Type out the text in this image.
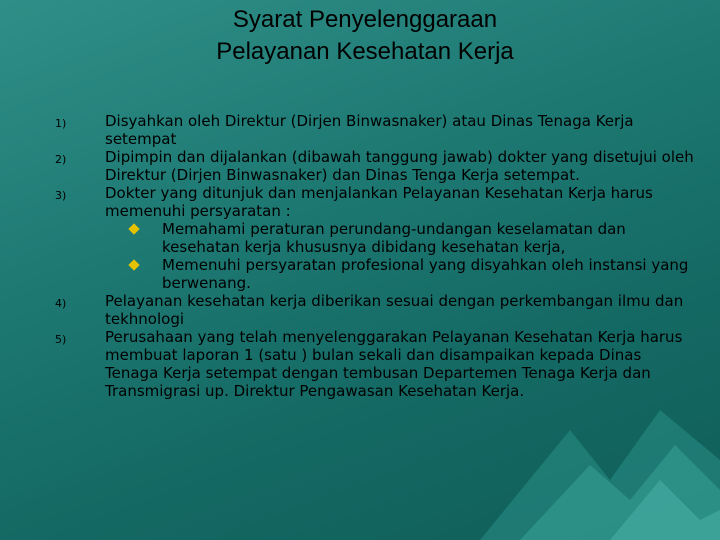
Syarat Penyelenggaraan
Pelayanan Kesehatan Kerja
1)	Disyahkan oleh Direktur (Dirjen Binwasnaker) atau Dinas Tenaga Kerja setempat
2)	Dipimpin dan dijalankan (dibawah tanggung jawab) dokter yang disetujui oleh Direktur (Dirjen Binwasnaker) dan Dinas Tenga Kerja setempat.
3)	Dokter yang ditunjuk dan menjalankan Pelayanan Kesehatan Kerja harus memenuhi persyaratan :
Memahami peraturan perundang-undangan keselamatan dan kesehatan kerja khususnya dibidang kesehatan kerja,
Memenuhi persyaratan profesional yang disyahkan oleh instansi yang berwenang.
4)	Pelayanan kesehatan kerja diberikan sesuai dengan perkembangan ilmu dan tekhnologi
5)	Perusahaan yang telah menyelenggarakan Pelayanan Kesehatan Kerja harus membuat laporan 1 (satu ) bulan sekali dan disampaikan kepada Dinas Tenaga Kerja setempat dengan tembusan Departemen Tenaga Kerja dan Transmigrasi up. Direktur Pengawasan Kesehatan Kerja.
